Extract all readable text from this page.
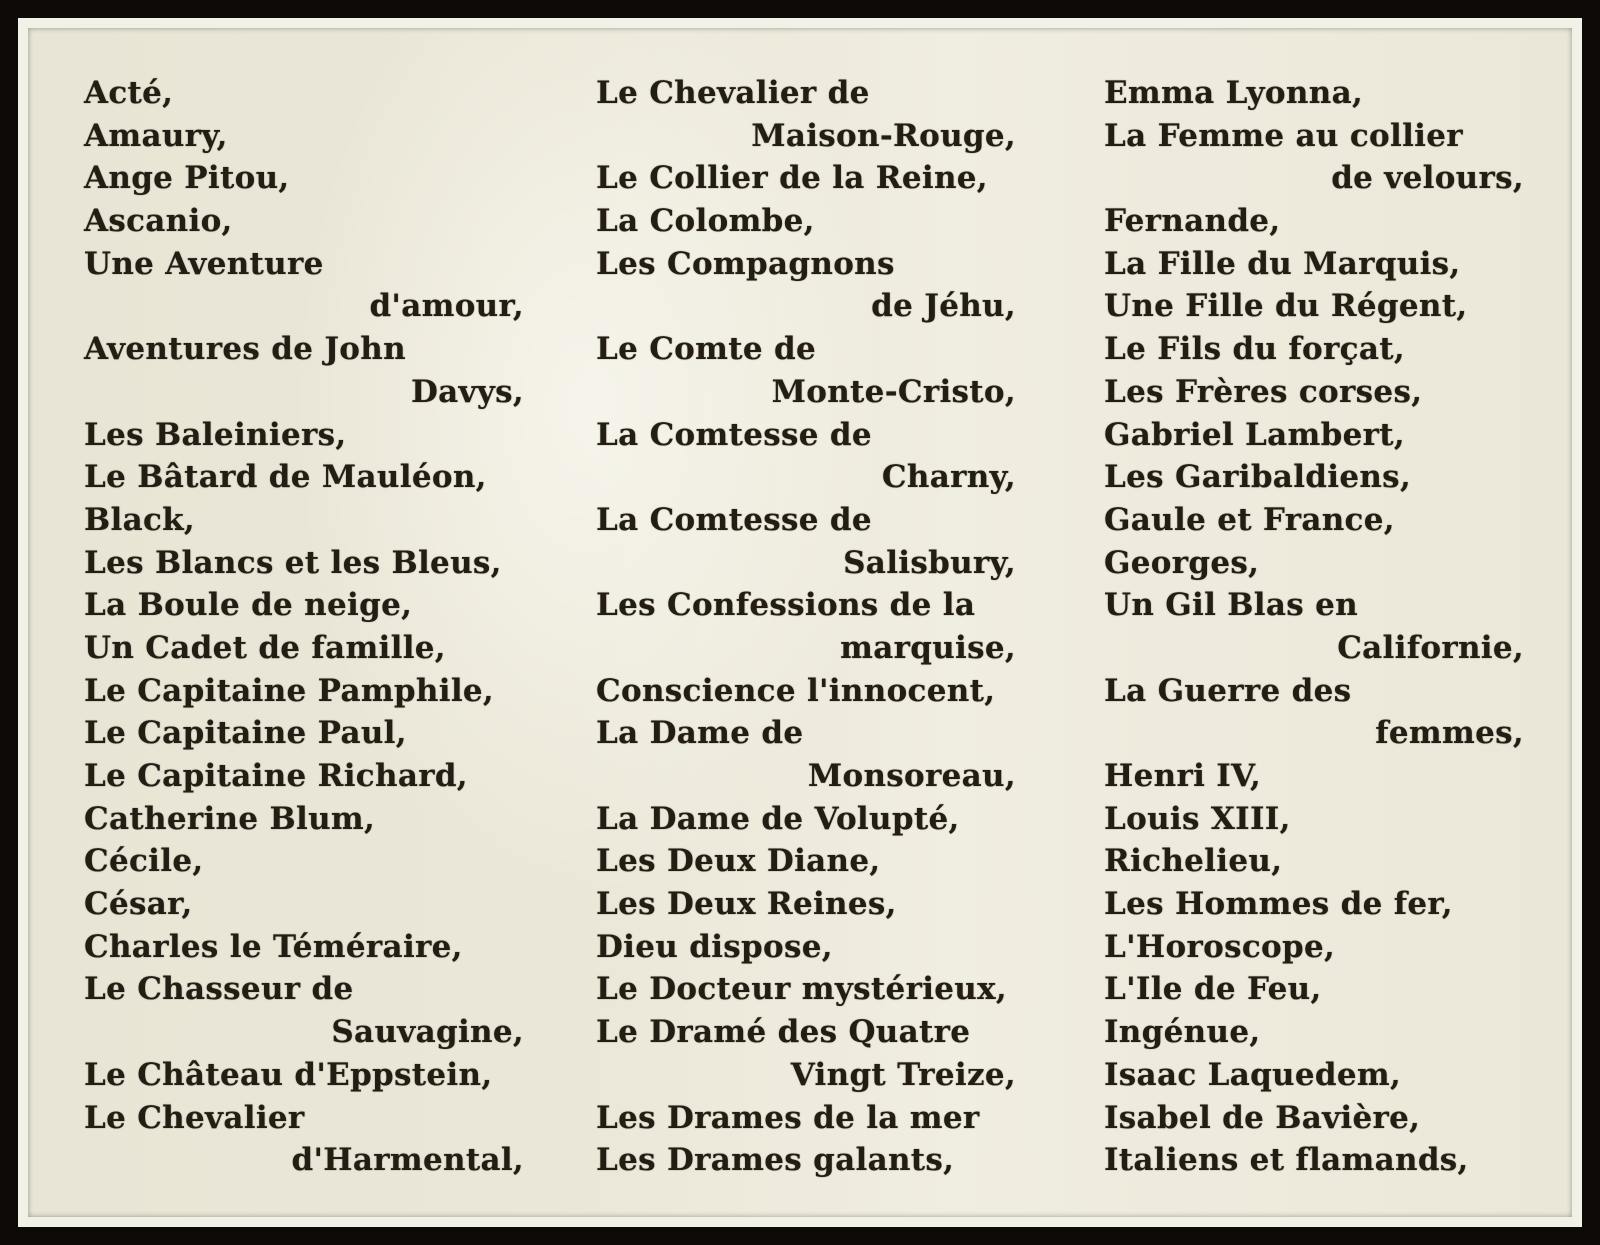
Acté,
Amaury,
Ange Pitou,
Ascanio,
Une Aventure
d'amour,
Aventures de John
Davys,
Les Baleiniers,
Le Bâtard de Mauléon,
Black,
Les Blancs et les Bleus,
La Boule de neige,
Un Cadet de famille,
Le Capitaine Pamphile,
Le Capitaine Paul,
Le Capitaine Richard,
Catherine Blum,
Cécile,
César,
Charles le Téméraire,
Le Chasseur de
Sauvagine,
Le Château d'Eppstein,
Le Chevalier
d'Harmental,
Le Chevalier de
Maison-Rouge,
Le Collier de la Reine,
La Colombe,
Les Compagnons
de Jéhu,
Le Comte de
Monte-Cristo,
La Comtesse de
Charny,
La Comtesse de
Salisbury,
Les Confessions de la
marquise,
Conscience l'innocent,
La Dame de
Monsoreau,
La Dame de Volupté,
Les Deux Diane,
Les Deux Reines,
Dieu dispose,
Le Docteur mystérieux,
Le Dramé des Quatre
Vingt Treize,
Les Drames de la mer
Les Drames galants,
Emma Lyonna,
La Femme au collier
de velours,
Fernande,
La Fille du Marquis,
Une Fille du Régent,
Le Fils du forçat,
Les Frères corses,
Gabriel Lambert,
Les Garibaldiens,
Gaule et France,
Georges,
Un Gil Blas en
Californie,
La Guerre des
femmes,
Henri IV,
Louis XIII,
Richelieu,
Les Hommes de fer,
L'Horoscope,
L'Ile de Feu,
Ingénue,
Isaac Laquedem,
Isabel de Bavière,
Italiens et flamands,
